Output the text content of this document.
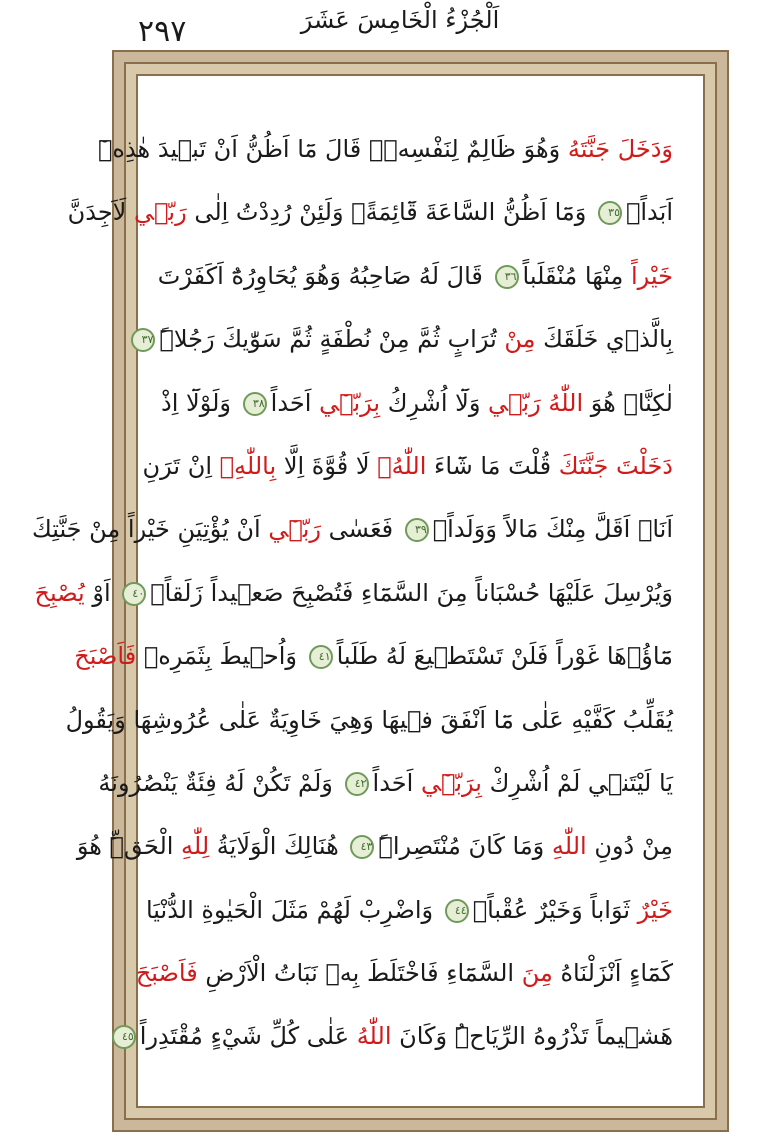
٢٩٧	اَلْجُزْءُ الْخَامِسَ عَشَرَ
وَدَخَلَ جَنَّتَهُ وَهُوَ ظَالِمٌ لِنَفْسِه۪ۚ قَالَ مَٓا اَظُنُّ اَنْ تَب۪يدَ هٰذِه۪ٓ
اَبَداًۙ٣٥ وَمَٓا اَظُنُّ السَّاعَةَ قَٓائِمَةًۙ وَلَئِنْ رُدِدْتُ اِلٰى رَبّ۪ي لَاَجِدَنَّ
خَيْراً مِنْهَا مُنْقَلَباً٣٦ قَالَ لَهُ صَاحِبُهُ وَهُوَ يُحَاوِرُهُٓ اَكَفَرْتَ
بِالَّذ۪ي خَلَقَكَ مِنْ تُرَابٍ ثُمَّ مِنْ نُطْفَةٍ ثُمَّ سَوّٰيكَ رَجُلاًۜ٣٧
لٰكِنَّا۬ هُوَ اللّٰهُ رَبّ۪ي وَلَٓا اُشْرِكُ بِرَبّ۪ٓي اَحَداً٣٨ وَلَوْلَٓا اِذْ
دَخَلْتَ جَنَّتَكَ قُلْتَ مَا شَٓاءَ اللّٰهُۙ لَا قُوَّةَ اِلَّا بِاللّٰهِۚ اِنْ تَرَنِ
اَنَا۬ اَقَلَّ مِنْكَ مَالاً وَوَلَداًۚ٣٩ فَعَسٰى رَبّ۪ٓي اَنْ يُؤْتِيَنِ خَيْراً مِنْ جَنَّتِكَ
وَيُرْسِلَ عَلَيْهَا حُسْبَاناً مِنَ السَّمَٓاءِ فَتُصْبِحَ صَع۪يداً زَلَقاًۙ٤٠ اَوْ يُصْبِحَ
مَٓاؤُ۬هَا غَوْراً فَلَنْ تَسْتَط۪يعَ لَهُ طَلَباً٤١ وَاُح۪يطَ بِثَمَرِه۪ فَاَصْبَحَ
يُقَلِّبُ كَفَّيْهِ عَلٰى مَٓا اَنْفَقَ ف۪يهَا وَهِيَ خَاوِيَةٌ عَلٰى عُرُوشِهَا وَيَقُولُ
يَا لَيْتَن۪ي لَمْ اُشْرِكْ بِرَبّ۪ٓي اَحَداً٤٢ وَلَمْ تَكُنْ لَهُ فِئَةٌ يَنْصُرُونَهُ
مِنْ دُونِ اللّٰهِ وَمَا كَانَ مُنْتَصِراًۜ٤٣ هُنَالِكَ الْوَلَايَةُ لِلّٰهِ الْحَقِّۜ هُوَ
خَيْرٌ ثَوَاباً وَخَيْرٌ عُقْباًۚ٤٤ وَاضْرِبْ لَهُمْ مَثَلَ الْحَيٰوةِ الدُّنْيَا
كَمَٓاءٍ اَنْزَلْنَاهُ مِنَ السَّمَٓاءِ فَاخْتَلَطَ بِه۪ نَبَاتُ الْاَرْضِ فَاَصْبَحَ
هَش۪يماً تَذْرُوهُ الرِّيَاحُۜ وَكَانَ اللّٰهُ عَلٰى كُلِّ شَيْءٍ مُقْتَدِراً٤٥
